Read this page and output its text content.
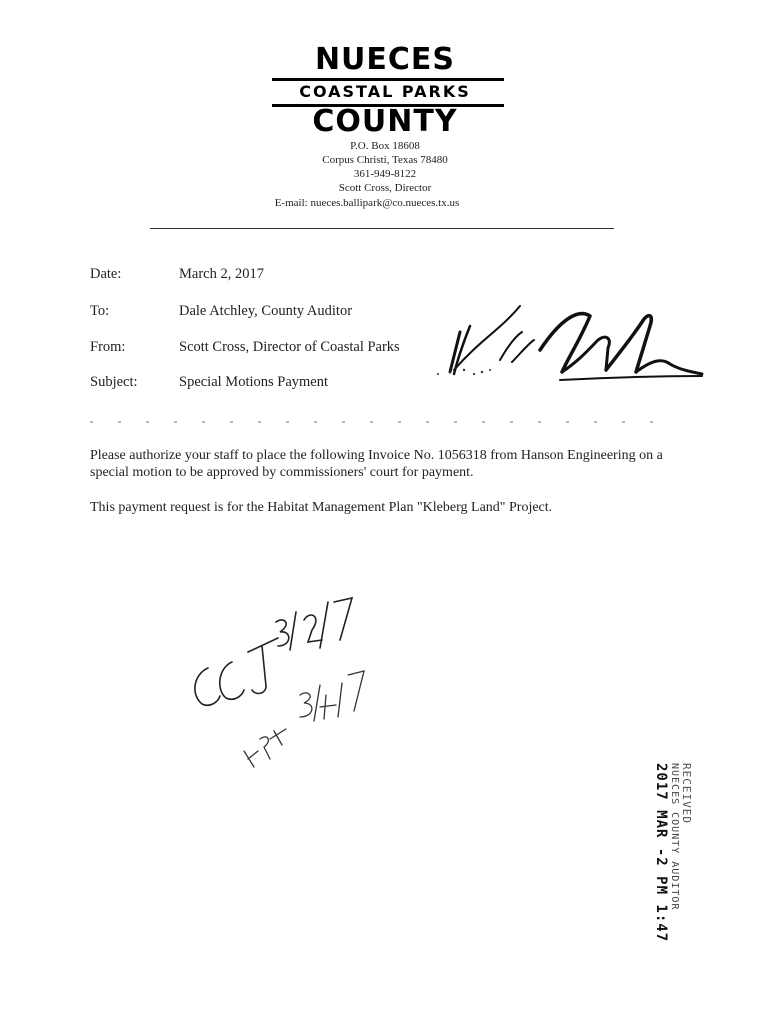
NUECES
COASTAL PARKS
COUNTY
P.O. Box 18608
Corpus Christi, Texas 78480
361-949-8122
Scott Cross, Director
E-mail: nueces.ballipark@co.nueces.tx.us
Date:	March 2, 2017
To:	Dale Atchley, County Auditor
From:	Scott Cross, Director of Coastal Parks
Subject:	Special Motions Payment
Please authorize your staff to place the following Invoice No. 1056318 from Hanson Engineering on a special motion to be approved by commissioners' court for payment.
This payment request is for the Habitat Management Plan "Kleberg Land" Project.
RECEIVED
NUECES COUNTY AUDITOR
2017 MAR -2 PM 1:47
